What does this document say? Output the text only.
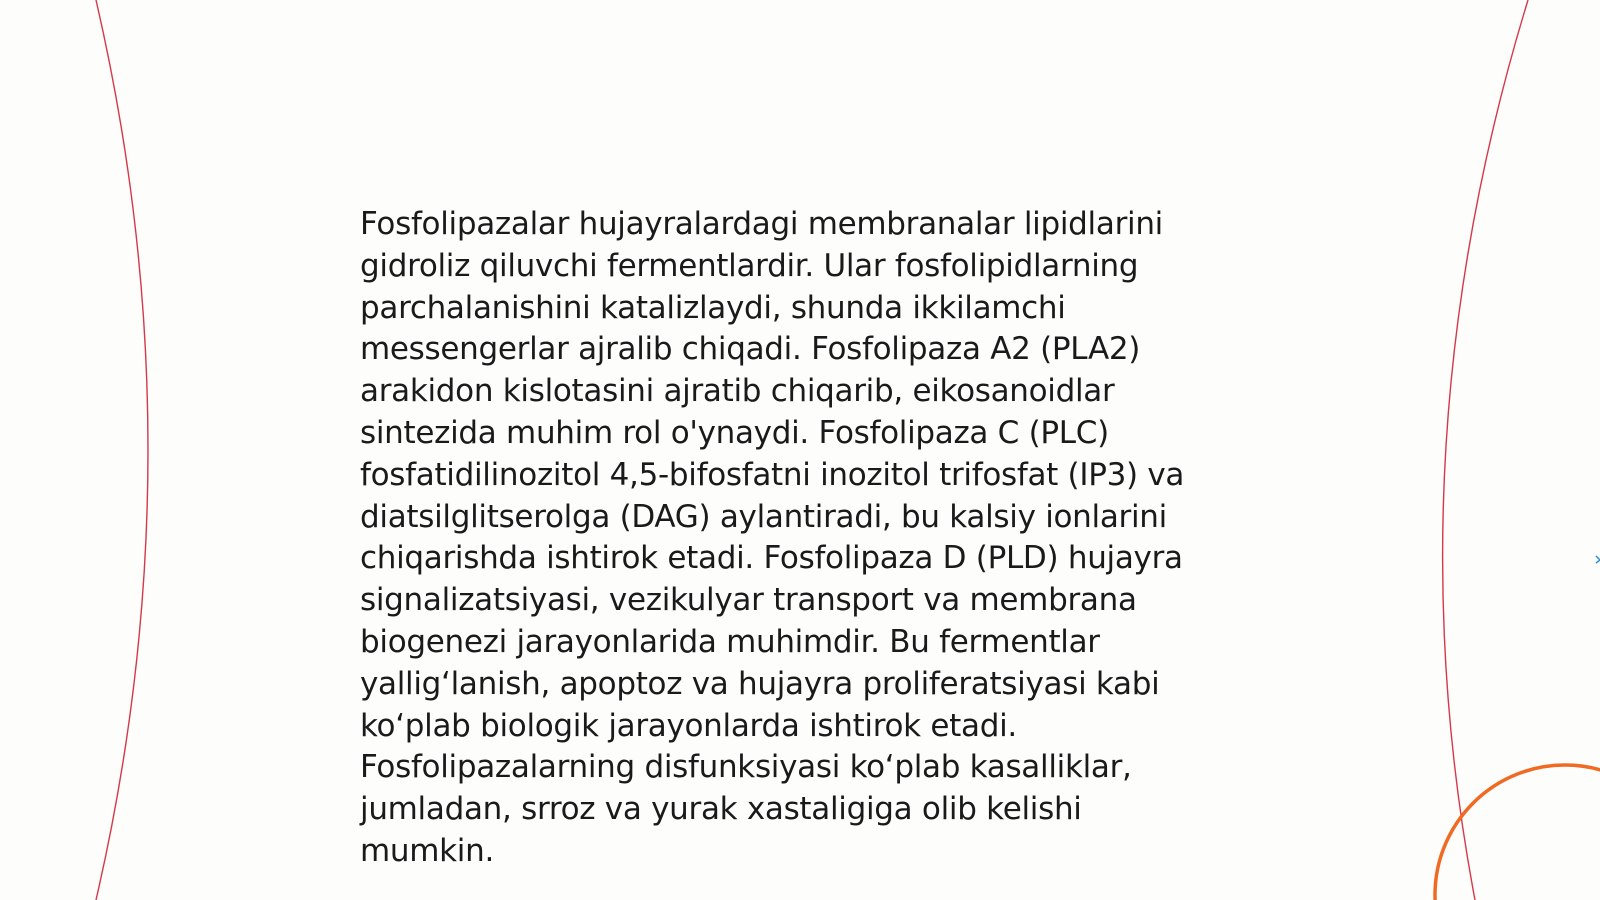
Fosfolipazalar hujayralardagi membranalar lipidlarini
gidroliz qiluvchi fermentlardir. Ular fosfolipidlarning
parchalanishini katalizlaydi, shunda ikkilamchi
messengerlar ajralib chiqadi. Fosfolipaza A2 (PLA2)
arakidon kislotasini ajratib chiqarib, eikosanoidlar
sintezida muhim rol o'ynaydi. Fosfolipaza C (PLC)
fosfatidilinozitol 4,5-bifosfatni inozitol trifosfat (IP3) va
diatsilglitserolga (DAG) aylantiradi, bu kalsiy ionlarini
chiqarishda ishtirok etadi. Fosfolipaza D (PLD) hujayra
signalizatsiyasi, vezikulyar transport va membrana
biogenezi jarayonlarida muhimdir. Bu fermentlar
yallig‘lanish, apoptoz va hujayra proliferatsiyasi kabi
ko‘plab biologik jarayonlarda ishtirok etadi.
Fosfolipazalarning disfunksiyasi ko‘plab kasalliklar,
jumladan, srroz va yurak xastaligiga olib kelishi
mumkin.
